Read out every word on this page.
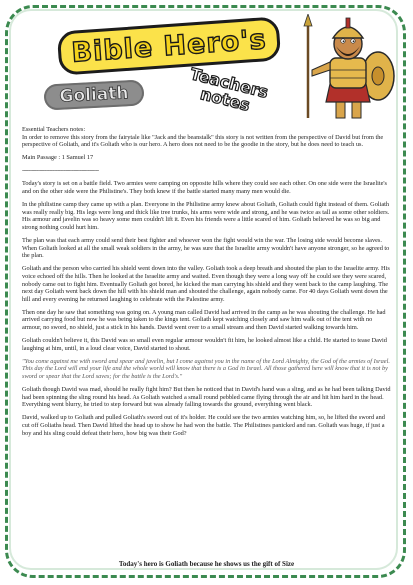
Bible Hero's
Goliath	Teachers notes

Essential Teachers notes:
In order to remove this story from the fairytale like "Jack and the beanstalk" this story is not written from the perspective of David but from the perspective of Goliath, and it's Goliath who is our hero. A hero does not need to be the goodie in the story, but he does need to teach us.

Main Passage : 1 Samuel 17

------------------------------------------------

Today's story is set on a battle field. Two armies were camping on opposite hills where they could see each other. On one side were the Israelite's and on the other side were the Philistine's. They both knew if the battle started many many men would die.

In the philistine camp they came up with a plan. Everyone in the Philistine army knew about Goliath, Goliath could fight instead of them. Goliath was really really big. His legs were long and thick like tree trunks, his arms were wide and strong, and he was twice as tall as some other soldiers. His armour and javelin was so heavy some men couldn't lift it. Even his friends were a little scared of him. Goliath believed he was so big and strong nothing could hurt him.

The plan was that each army could send their best fighter and whoever won the fight would win the war. The losing side would become slaves. When Goliath looked at all the small weak soldiers in the army, he was sure that the Israelite army wouldn't have anyone stronger, so he agreed to the plan.

Goliath and the person who carried his shield went down into the valley. Goliath took a deep breath and shouted the plan to the Israelite army. His voice echoed off the hills. Then he looked at the Israelite army and waited. Even though they were a long way off he could see they were scared, nobody came out to fight him. Eventually Goliath got bored, he kicked the man carrying his shield and they went back to the camp laughing. The next day Goliath went back down the hill with his shield man and shouted the challenge, again nobody came. For 40 days Goliath went down the hill and every evening he returned laughing to celebrate with the Palestine army.

Then one day he saw that something was going on. A young man called David had arrived in the camp as he was shouting the challenge. He had arrived carrying food but now he was being taken to the kings tent. Goliath kept watching closely and saw him walk out of the tent with no armour, no sword, no shield, just a stick in his hands. David went over to a small stream and then David started walking towards him.

Goliath couldn't believe it, this David was so small even regular armour wouldn't fit him, he looked almost like a child. He started to tease David laughing at him, until, in a loud clear voice, David started to shout.

"You come against me with sword and spear and javelin, but I come against you in the name of the Lord Almighty, the God of the armies of Israel. This day the Lord will end your life and the whole world will know that there is a God in Israel. All those gathered here will know that it is not by sword or spear that the Lord saves; for the battle is the Lord's."

Goliath though David was mad, should he really fight him? But then he noticed that in David's hand was a sling, and as he had been talking David had been spinning the sling round his head. As Goliath watched a small round pebbled came flying through the air and hit him hard in the head. Everything went blurry, he tried to step forward but was already falling towards the ground, everything went black.

David, walked up to Goliath and pulled Goliath's sword out of it's holder. He could see the two armies watching him, so, he lifted the sword and cut off Goliaths head. Then David lifted the head up to show he had won the battle. The Philistines panicked and ran. Goliath was huge, if just a boy and his sling could defeat their hero, how big was their God?

Today's hero is Goliath because he shows us the gift of Size
